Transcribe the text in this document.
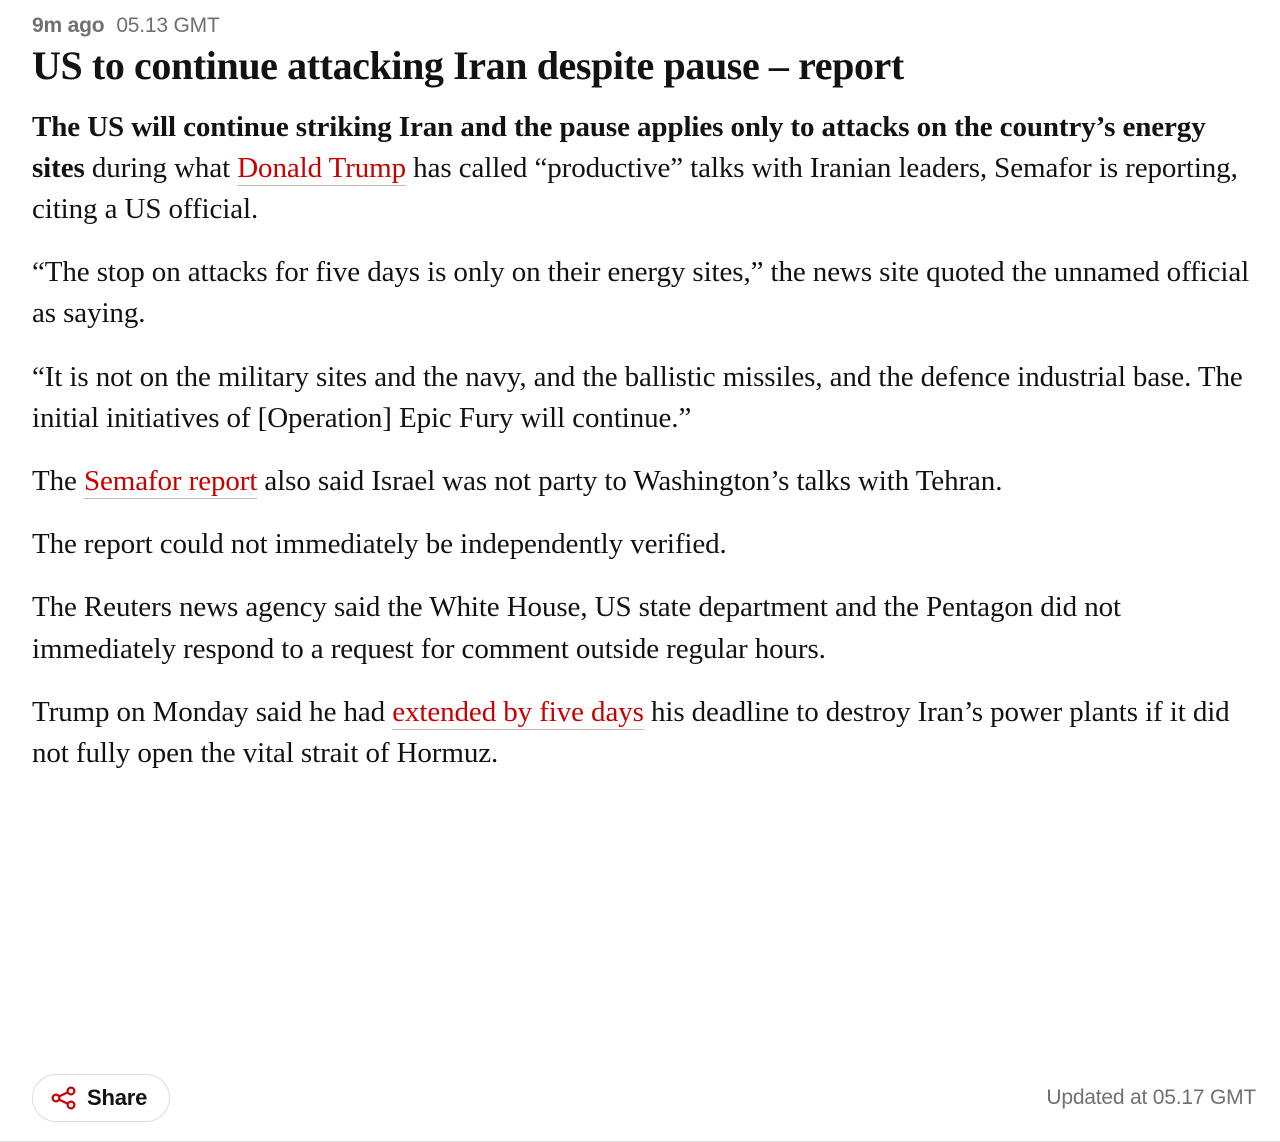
9m ago 05.13 GMT
US to continue attacking Iran despite pause – report

The US will continue striking Iran and the pause applies only to attacks on the country’s energy sites during what Donald Trump has called “productive” talks with Iranian leaders, Semafor is reporting, citing a US official.

“The stop on attacks for five days is only on their energy sites,” the news site quoted the unnamed official as saying.

“It is not on the military sites and the navy, and the ballistic missiles, and the defence industrial base. The initial initiatives of [Operation] Epic Fury will continue.”

The Semafor report also said Israel was not party to Washington’s talks with Tehran.

The report could not immediately be independently verified.

The Reuters news agency said the White House, US state department and the Pentagon did not immediately respond to a request for comment outside regular hours.

Trump on Monday said he had extended by five days his deadline to destroy Iran’s power plants if it did not fully open the vital strait of Hormuz.

Share	Updated at 05.17 GMT
